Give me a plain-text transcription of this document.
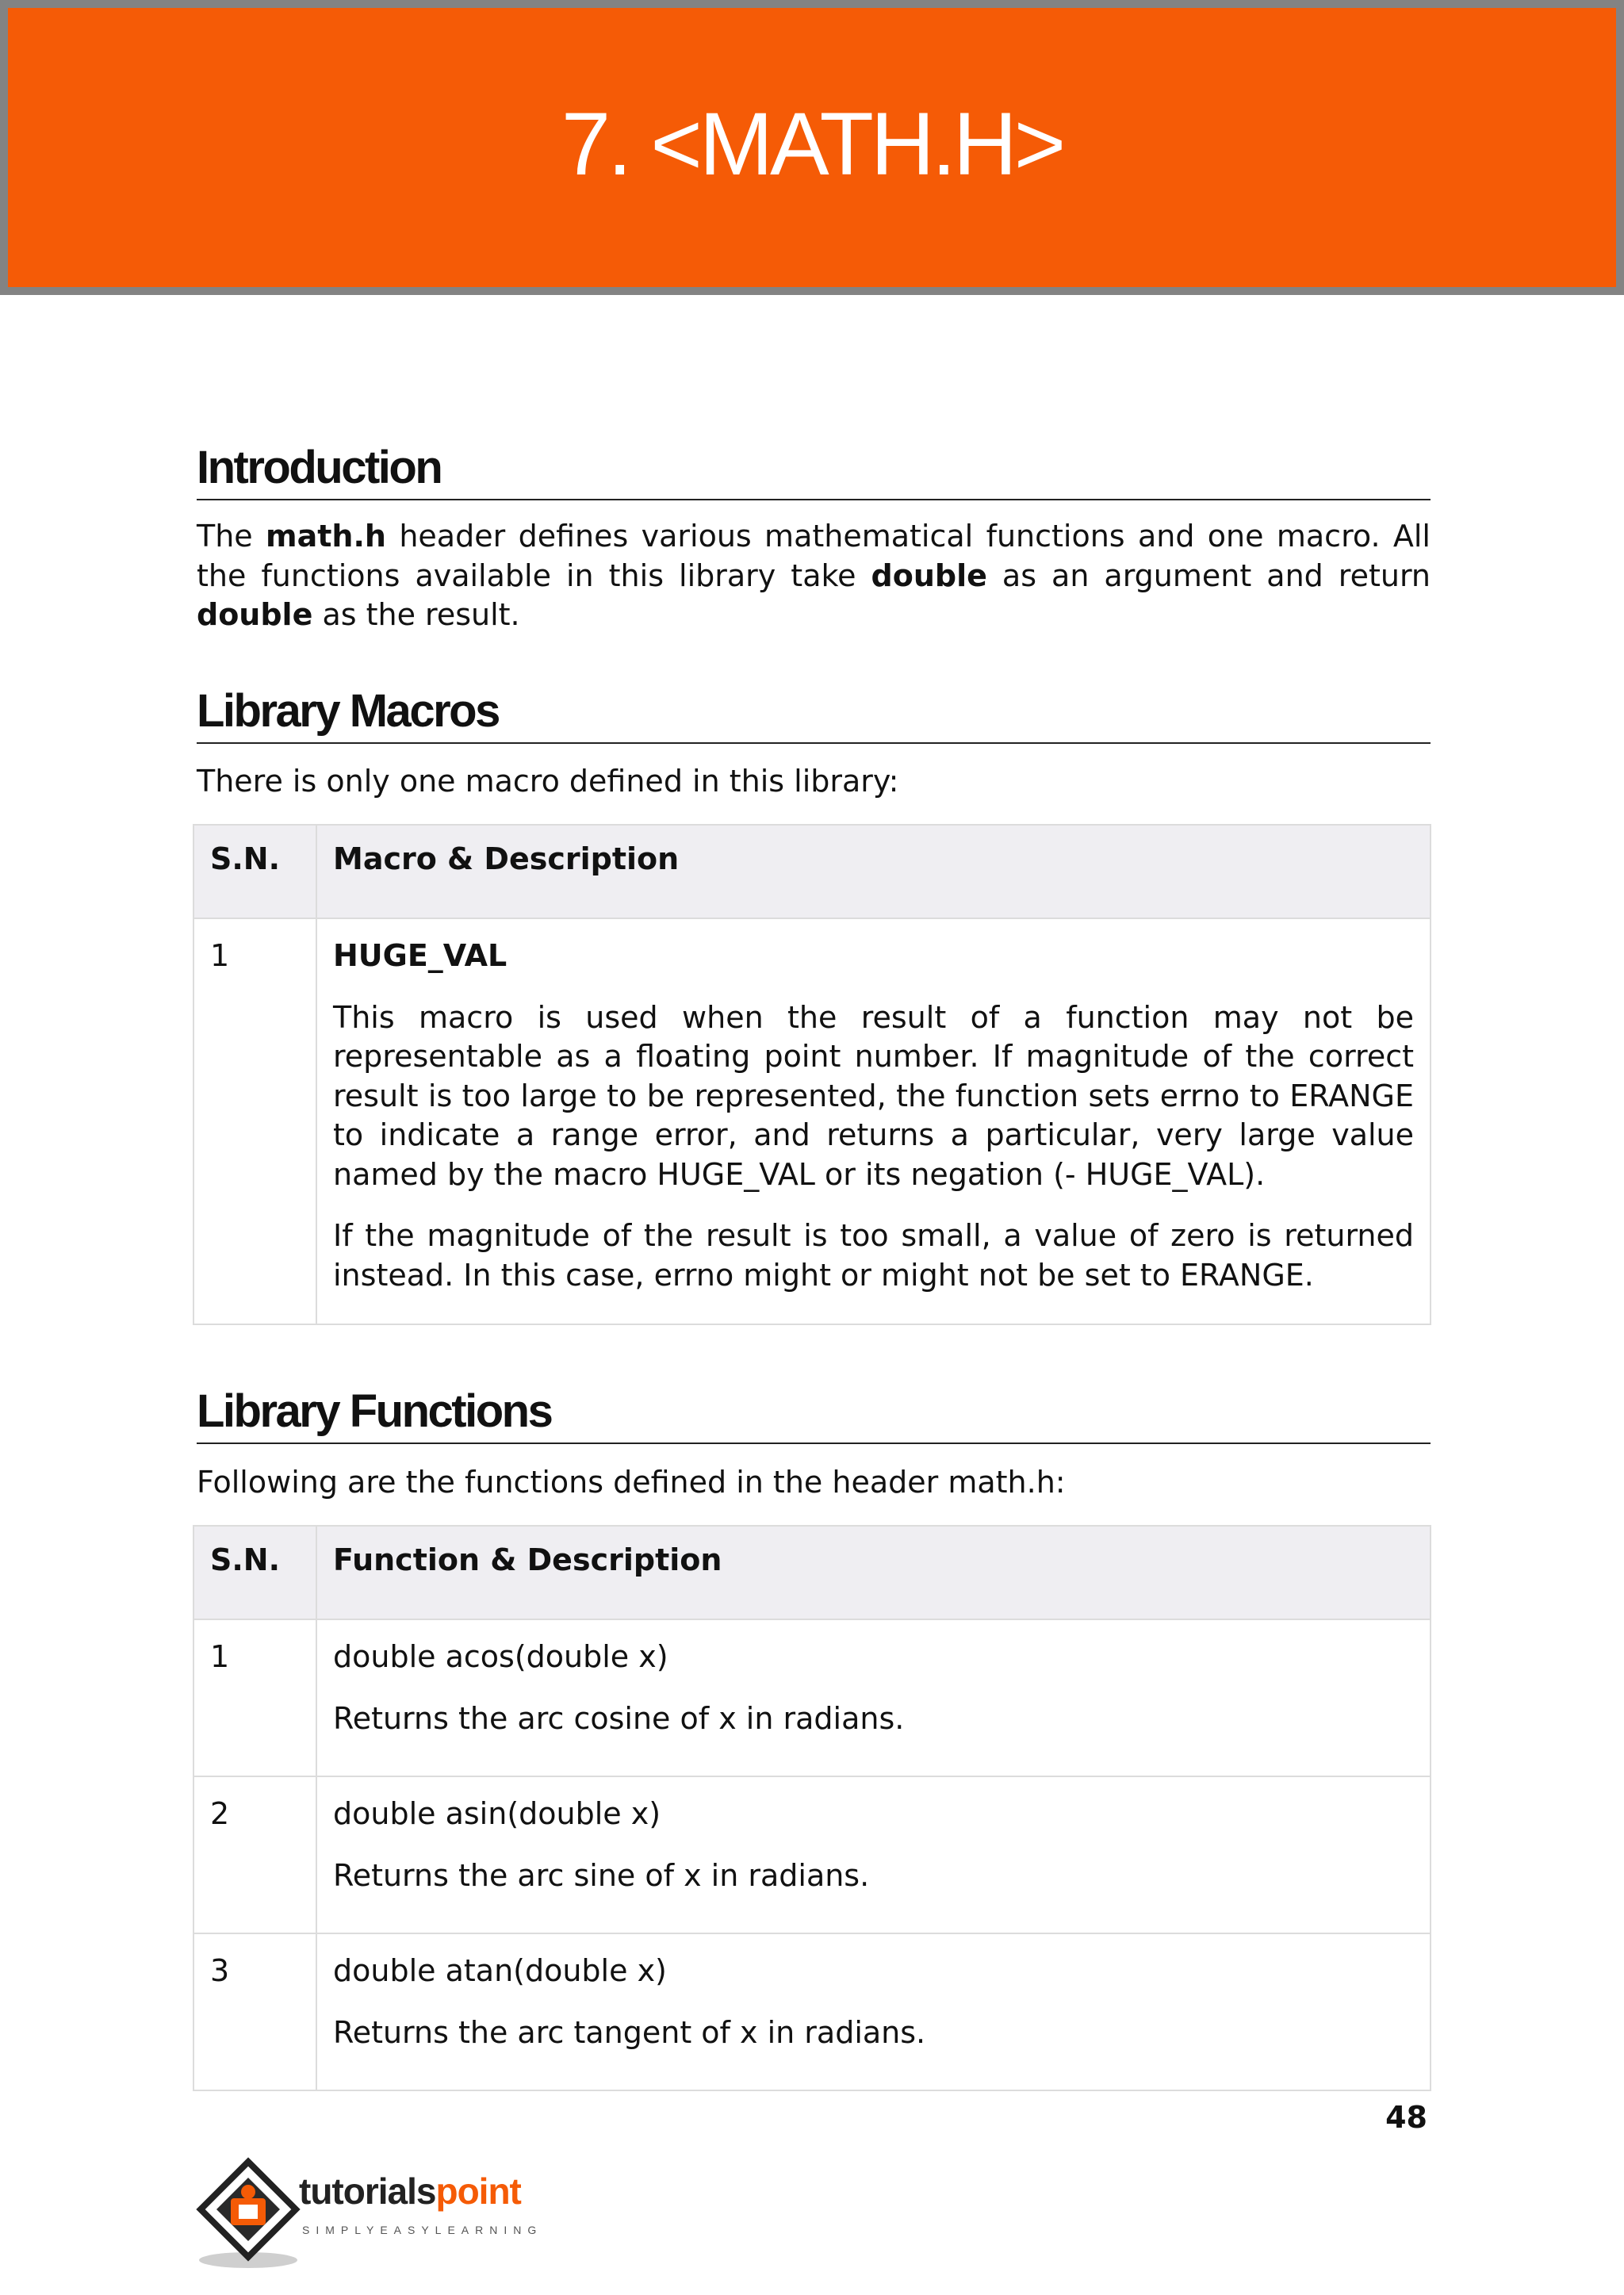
7. <MATH.H>
Introduction
The math.h header defines various mathematical functions and one macro. All the functions available in this library take double as an argument and return double as the result.
Library Macros
There is only one macro defined in this library:
S.N.	Macro & Description
1	HUGE_VAL
This macro is used when the result of a function may not be representable as a floating point number. If magnitude of the correct result is too large to be represented, the function sets errno to ERANGE to indicate a range error, and returns a particular, very large value named by the macro HUGE_VAL or its negation (- HUGE_VAL).
If the magnitude of the result is too small, a value of zero is returned instead. In this case, errno might or might not be set to ERANGE.
Library Functions
Following are the functions defined in the header math.h:
S.N.	Function & Description
1	double acos(double x)
Returns the arc cosine of x in radians.

2	double asin(double x)
Returns the arc sine of x in radians.

3	double atan(double x)
Returns the arc tangent of x in radians.
48
tutorialspoint
SIMPLYEASYLEARNING
